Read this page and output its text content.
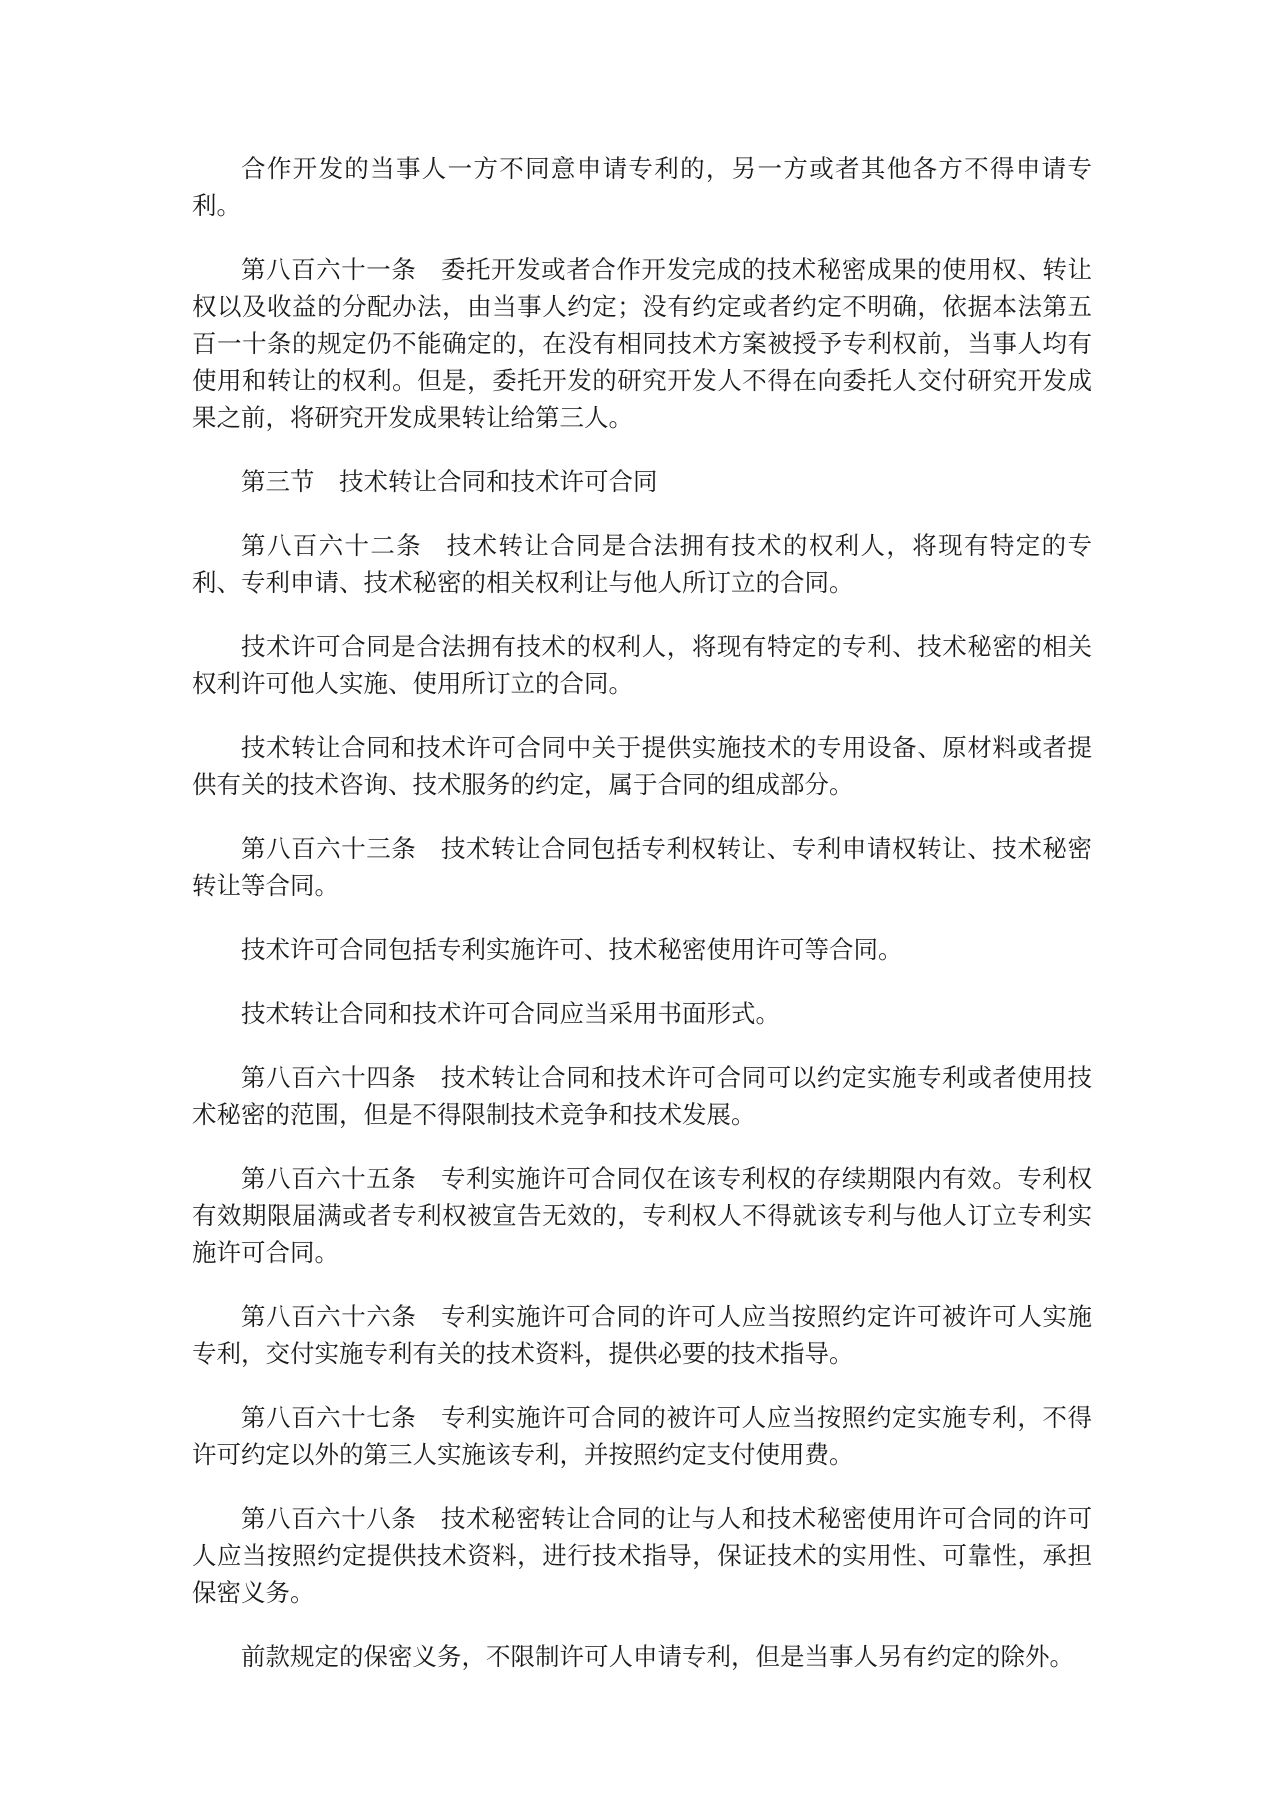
合作开发的当事人一方不同意申请专利的，另一方或者其他各方不得申请专利。

第八百六十一条 委托开发或者合作开发完成的技术秘密成果的使用权、转让权以及收益的分配办法，由当事人约定；没有约定或者约定不明确，依据本法第五百一十条的规定仍不能确定的，在没有相同技术方案被授予专利权前，当事人均有使用和转让的权利。但是，委托开发的研究开发人不得在向委托人交付研究开发成果之前，将研究开发成果转让给第三人。

第三节 技术转让合同和技术许可合同

第八百六十二条 技术转让合同是合法拥有技术的权利人，将现有特定的专利、专利申请、技术秘密的相关权利让与他人所订立的合同。

技术许可合同是合法拥有技术的权利人，将现有特定的专利、技术秘密的相关权利许可他人实施、使用所订立的合同。

技术转让合同和技术许可合同中关于提供实施技术的专用设备、原材料或者提供有关的技术咨询、技术服务的约定，属于合同的组成部分。

第八百六十三条 技术转让合同包括专利权转让、专利申请权转让、技术秘密转让等合同。

技术许可合同包括专利实施许可、技术秘密使用许可等合同。

技术转让合同和技术许可合同应当采用书面形式。

第八百六十四条 技术转让合同和技术许可合同可以约定实施专利或者使用技术秘密的范围，但是不得限制技术竞争和技术发展。

第八百六十五条 专利实施许可合同仅在该专利权的存续期限内有效。专利权有效期限届满或者专利权被宣告无效的，专利权人不得就该专利与他人订立专利实施许可合同。

第八百六十六条 专利实施许可合同的许可人应当按照约定许可被许可人实施专利，交付实施专利有关的技术资料，提供必要的技术指导。

第八百六十七条 专利实施许可合同的被许可人应当按照约定实施专利，不得许可约定以外的第三人实施该专利，并按照约定支付使用费。

第八百六十八条 技术秘密转让合同的让与人和技术秘密使用许可合同的许可人应当按照约定提供技术资料，进行技术指导，保证技术的实用性、可靠性，承担保密义务。

前款规定的保密义务，不限制许可人申请专利，但是当事人另有约定的除外。
